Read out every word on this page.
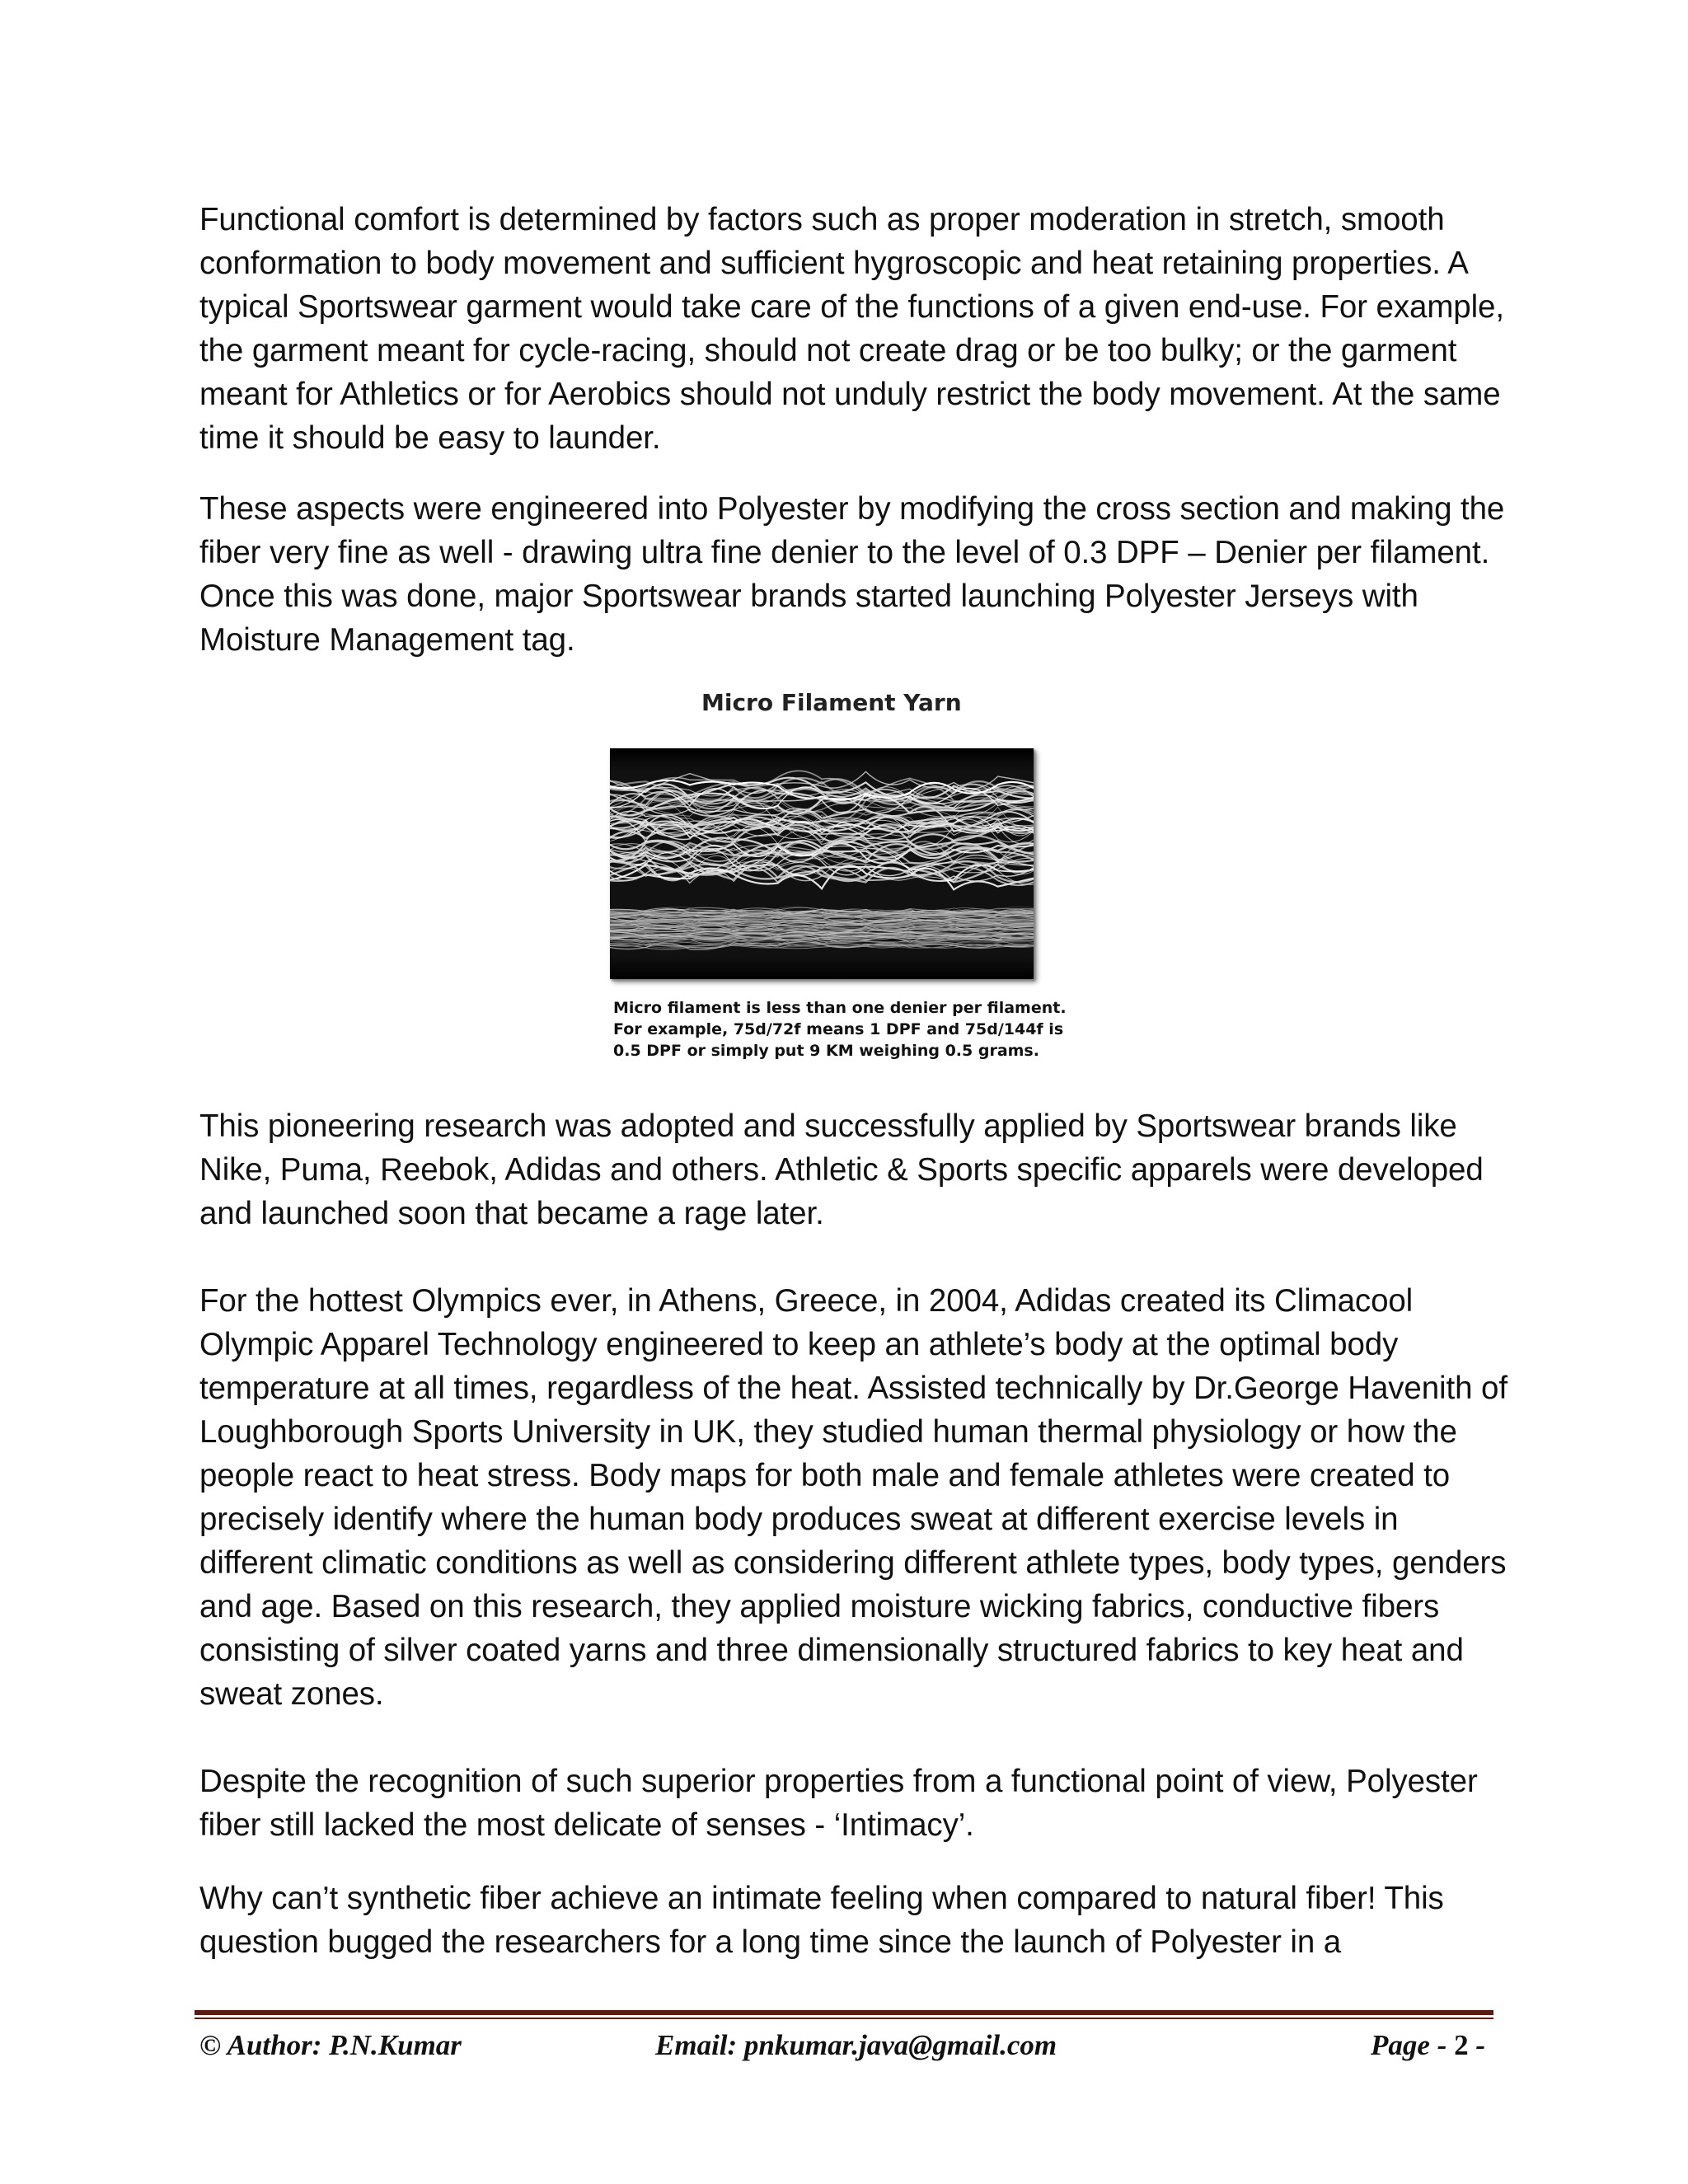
Functional comfort is determined by factors such as proper moderation in stretch, smooth conformation to body movement and sufficient hygroscopic and heat retaining properties. A typical Sportswear garment would take care of the functions of a given end-use. For example, the garment meant for cycle-racing, should not create drag or be too bulky; or the garment meant for Athletics or for Aerobics should not unduly restrict the body movement. At the same time it should be easy to launder.

These aspects were engineered into Polyester by modifying the cross section and making the fiber very fine as well - drawing ultra fine denier to the level of 0.3 DPF – Denier per filament. Once this was done, major Sportswear brands started launching Polyester Jerseys with Moisture Management tag.

Micro Filament Yarn
Micro filament is less than one denier per filament.
For example, 75d/72f means 1 DPF and 75d/144f is
0.5 DPF or simply put 9 KM weighing 0.5 grams.

This pioneering research was adopted and successfully applied by Sportswear brands like Nike, Puma, Reebok, Adidas and others. Athletic & Sports specific apparels were developed and launched soon that became a rage later.

For the hottest Olympics ever, in Athens, Greece, in 2004, Adidas created its Climacool Olympic Apparel Technology engineered to keep an athlete’s body at the optimal body temperature at all times, regardless of the heat. Assisted technically by Dr.George Havenith of Loughborough Sports University in UK, they studied human thermal physiology or how the people react to heat stress. Body maps for both male and female athletes were created to precisely identify where the human body produces sweat at different exercise levels in different climatic conditions as well as considering different athlete types, body types, genders and age. Based on this research, they applied moisture wicking fabrics, conductive fibers consisting of silver coated yarns and three dimensionally structured fabrics to key heat and sweat zones.

Despite the recognition of such superior properties from a functional point of view, Polyester fiber still lacked the most delicate of senses - ‘Intimacy’.

Why can’t synthetic fiber achieve an intimate feeling when compared to natural fiber! This question bugged the researchers for a long time since the launch of Polyester in a

© Author: P.N.Kumar	Email: pnkumar.java@gmail.com	Page - 2 -
